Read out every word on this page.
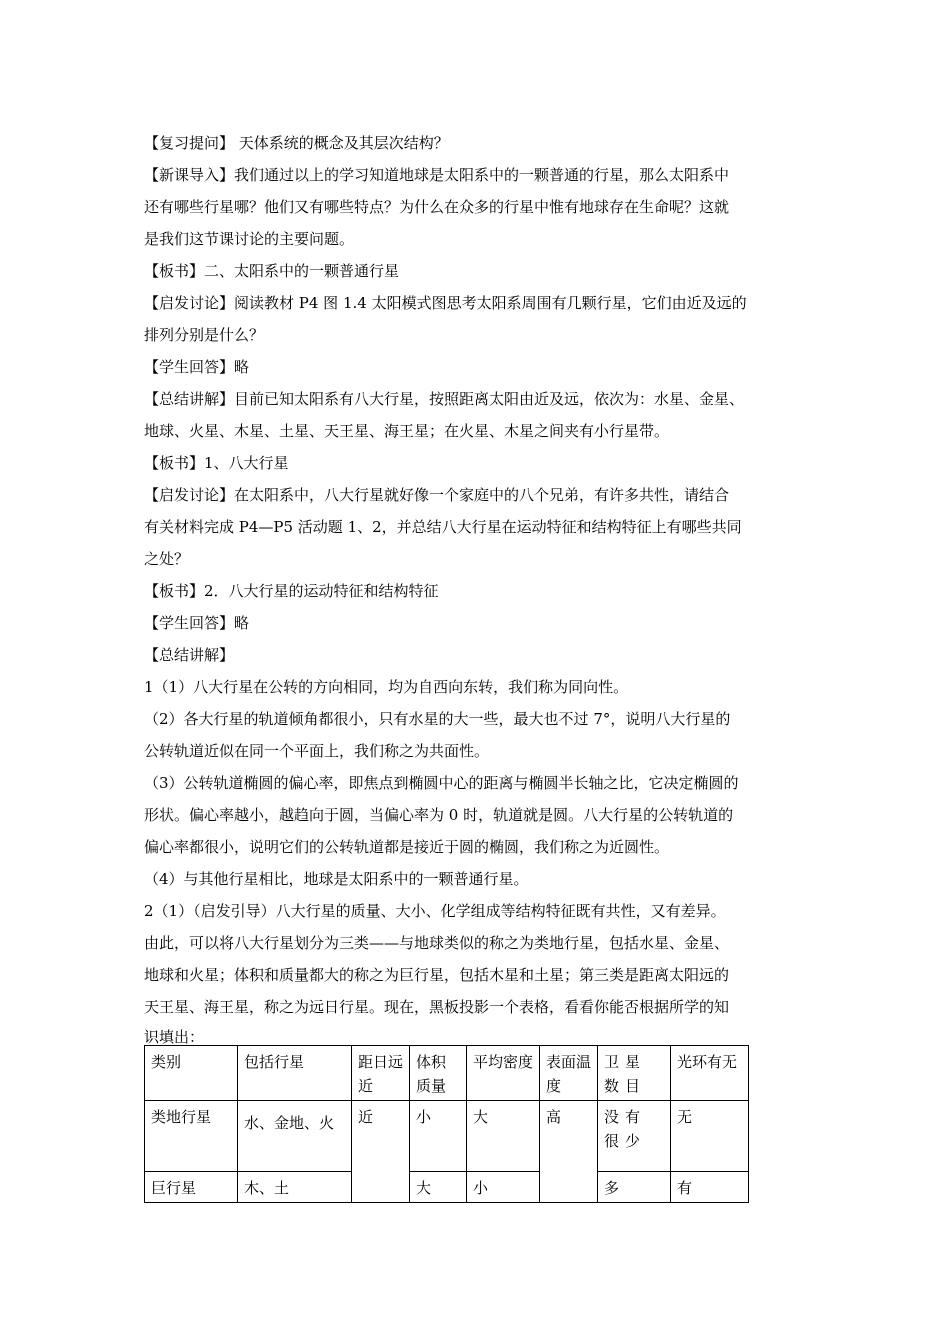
【复习提问】 天体系统的概念及其层次结构？
【新课导入】我们通过以上的学习知道地球是太阳系中的一颗普通的行星，那么太阳系中
还有哪些行星哪？他们又有哪些特点？为什么在众多的行星中惟有地球存在生命呢？这就
是我们这节课讨论的主要问题。
【板书】二、太阳系中的一颗普通行星
【启发讨论】阅读教材 P4 图 1.4 太阳模式图思考太阳系周围有几颗行星，它们由近及远的
排列分别是什么？
【学生回答】略
【总结讲解】目前已知太阳系有八大行星，按照距离太阳由近及远，依次为：水星、金星、
地球、火星、木星、土星、天王星、海王星；在火星、木星之间夹有小行星带。
【板书】1、八大行星
【启发讨论】在太阳系中，八大行星就好像一个家庭中的八个兄弟，有许多共性，请结合
有关材料完成 P4—P5 活动题 1、2，并总结八大行星在运动特征和结构特征上有哪些共同
之处？
【板书】2．八大行星的运动特征和结构特征
【学生回答】略
【总结讲解】
1（1）八大行星在公转的方向相同，均为自西向东转，我们称为同向性。
（2）各大行星的轨道倾角都很小，只有水星的大一些，最大也不过 7°，说明八大行星的
公转轨道近似在同一个平面上，我们称之为共面性。
（3）公转轨道椭圆的偏心率，即焦点到椭圆中心的距离与椭圆半长轴之比，它决定椭圆的
形状。偏心率越小，越趋向于圆，当偏心率为 0 时，轨道就是圆。八大行星的公转轨道的
偏心率都很小，说明它们的公转轨道都是接近于圆的椭圆，我们称之为近圆性。
（4）与其他行星相比，地球是太阳系中的一颗普通行星。
2（1）（启发引导）八大行星的质量、大小、化学组成等结构特征既有共性，又有差异。
由此，可以将八大行星划分为三类——与地球类似的称之为类地行星，包括水星、金星、
地球和火星；体积和质量都大的称之为巨行星，包括木星和土星；第三类是距离太阳远的
天王星、海王星，称之为远日行星。现在，黑板投影一个表格，看看你能否根据所学的知
识填出：
类别	包括行星	距日远近	体积质量	平均密度	表面温度	卫星数目	光环有无
类地行星	水、金地、火	近	小	大	高	没有很少	无
巨行星	木、土		大	小		多	有
